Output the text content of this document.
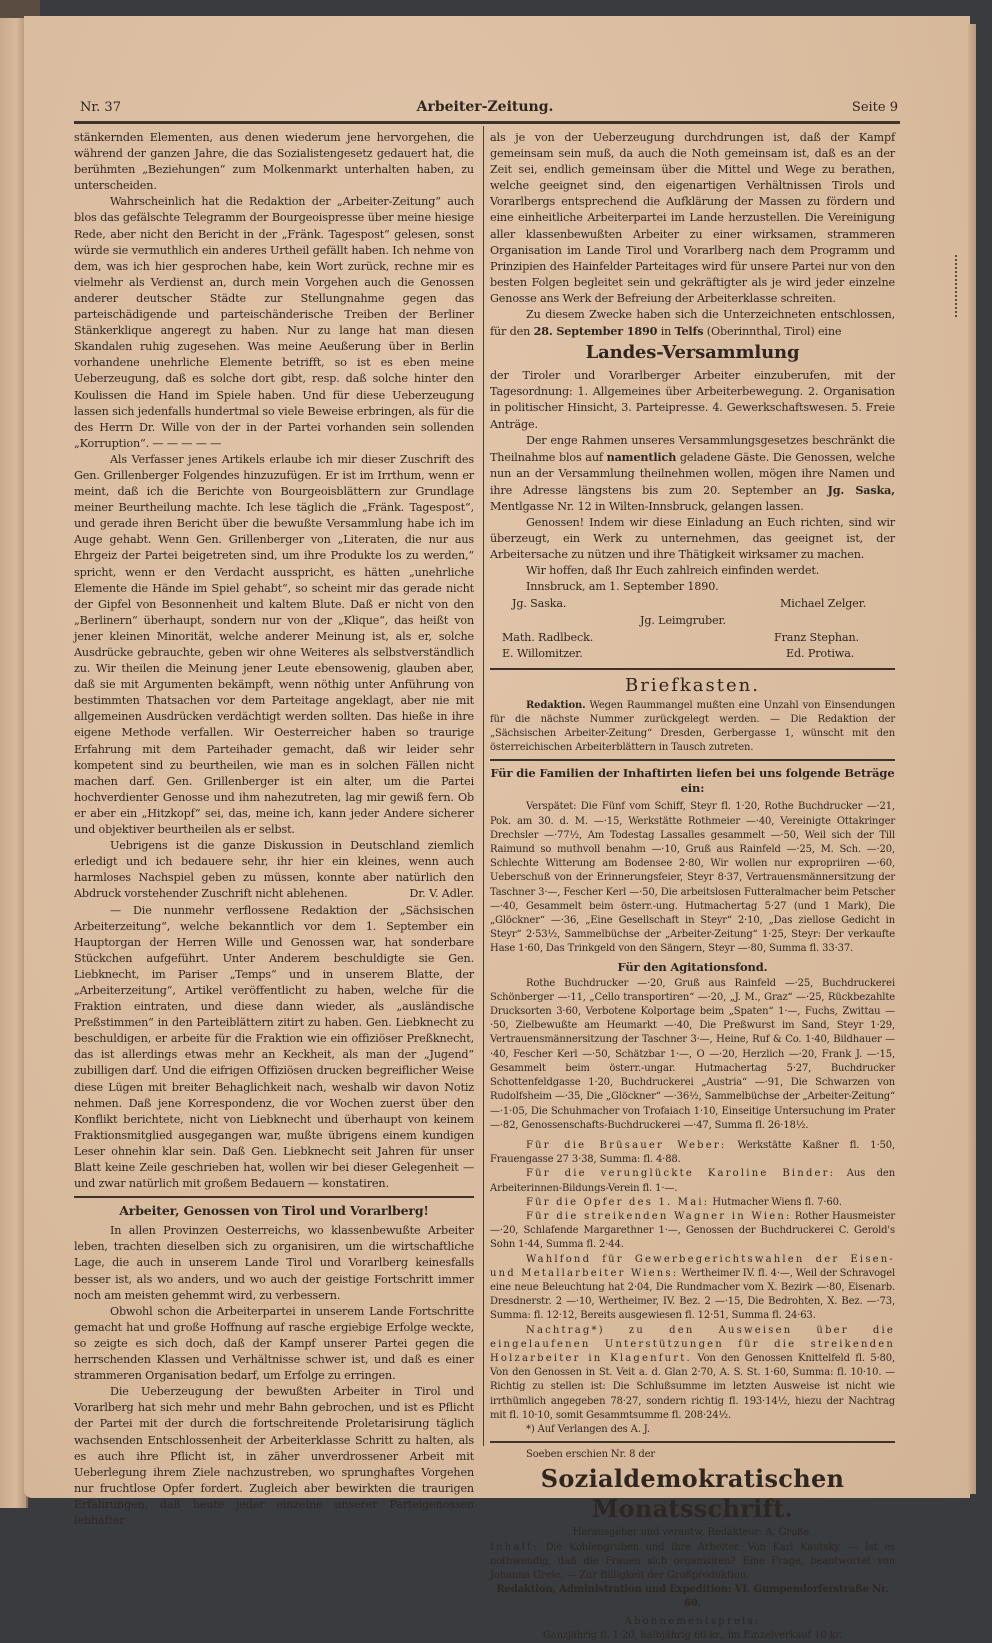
Nr. 37	Arbeiter-Zeitung.	Seite 9

stänkernden Elementen, aus denen wiederum jene hervorgehen, die während der ganzen Jahre, die das Sozialistengesetz gedauert hat, die berühmten „Beziehungen“ zum Molkenmarkt unterhalten haben, zu unterscheiden.

Wahrscheinlich hat die Redaktion der „Arbeiter-Zeitung“ auch blos das gefälschte Telegramm der Bourgeoispresse über meine hiesige Rede, aber nicht den Bericht in der „Fränk. Tagespost“ gelesen, sonst würde sie vermuthlich ein anderes Urtheil gefällt haben. Ich nehme von dem, was ich hier gesprochen habe, kein Wort zurück, rechne mir es vielmehr als Verdienst an, durch mein Vorgehen auch die Genossen anderer deutscher Städte zur Stellungnahme gegen das parteischädigende und parteischänderische Treiben der Berliner Stänkerklique angeregt zu haben. Nur zu lange hat man diesen Skandalen ruhig zugesehen. Was meine Aeußerung über in Berlin vorhandene unehrliche Elemente betrifft, so ist es eben meine Ueberzeugung, daß es solche dort gibt, resp. daß solche hinter den Koulissen die Hand im Spiele haben. Und für diese Ueberzeugung lassen sich jedenfalls hundertmal so viele Beweise erbringen, als für die des Herrn Dr. Wille von der in der Partei vorhanden sein sollenden „Korruption“. — — — — —

Als Verfasser jenes Artikels erlaube ich mir dieser Zuschrift des Gen. Grillenberger Folgendes hinzuzufügen. Er ist im Irrthum, wenn er meint, daß ich die Berichte von Bourgeoisblättern zur Grundlage meiner Beurtheilung machte. Ich lese täglich die „Fränk. Tagespost“, und gerade ihren Bericht über die bewußte Versammlung habe ich im Auge gehabt. Wenn Gen. Grillenberger von „Literaten, die nur aus Ehrgeiz der Partei beigetreten sind, um ihre Produkte los zu werden,“ spricht, wenn er den Verdacht ausspricht, es hätten „unehrliche Elemente die Hände im Spiel gehabt“, so scheint mir das gerade nicht der Gipfel von Besonnenheit und kaltem Blute. Daß er nicht von den „Berlinern“ überhaupt, sondern nur von der „Klique“, das heißt von jener kleinen Minorität, welche anderer Meinung ist, als er, solche Ausdrücke gebrauchte, geben wir ohne Weiteres als selbstverständlich zu. Wir theilen die Meinung jener Leute ebensowenig, glauben aber, daß sie mit Argumenten bekämpft, wenn nöthig unter Anführung von bestimmten Thatsachen vor dem Parteitage angeklagt, aber nie mit allgemeinen Ausdrücken verdächtigt werden sollten. Das hieße in ihre eigene Methode verfallen. Wir Oesterreicher haben so traurige Erfahrung mit dem Parteihader gemacht, daß wir leider sehr kompetent sind zu beurtheilen, wie man es in solchen Fällen nicht machen darf. Gen. Grillenberger ist ein alter, um die Partei hochverdienter Genosse und ihm nahezutreten, lag mir gewiß fern. Ob er aber ein „Hitzkopf“ sei, das, meine ich, kann jeder Andere sicherer und objektiver beurtheilen als er selbst.

Uebrigens ist die ganze Diskussion in Deutschland ziemlich erledigt und ich bedauere sehr, ihr hier ein kleines, wenn auch harmloses Nachspiel geben zu müssen, konnte aber natürlich den Abdruck vorstehender Zuschrift nicht ablehenen.	Dr. V. Adler.

— Die nunmehr verflossene Redaktion der „Sächsischen Arbeiterzeitung“, welche bekanntlich vor dem 1. September ein Hauptorgan der Herren Wille und Genossen war, hat sonderbare Stückchen aufgeführt. Unter Anderem beschuldigte sie Gen. Liebknecht, im Pariser „Temps“ und in unserem Blatte, der „Arbeiterzeitung“, Artikel veröffentlicht zu haben, welche für die Fraktion eintraten, und diese dann wieder, als „ausländische Preßstimmen“ in den Parteiblättern zitirt zu haben. Gen. Liebknecht zu beschuldigen, er arbeite für die Fraktion wie ein offiziöser Preßknecht, das ist allerdings etwas mehr an Keckheit, als man der „Jugend“ zubilligen darf. Und die eifrigen Offiziösen drucken begreiflicher Weise diese Lügen mit breiter Behaglichkeit nach, weshalb wir davon Notiz nehmen. Daß jene Korrespondenz, die vor Wochen zuerst über den Konflikt berichtete, nicht von Liebknecht und überhaupt von keinem Fraktionsmitglied ausgegangen war, mußte übrigens einem kundigen Leser ohnehin klar sein. Daß Gen. Liebknecht seit Jahren für unser Blatt keine Zeile geschrieben hat, wollen wir bei dieser Gelegenheit — und zwar natürlich mit großem Bedauern — konstatiren.

Arbeiter, Genossen von Tirol und Vorarlberg!

In allen Provinzen Oesterreichs, wo klassenbewußte Arbeiter leben, trachten dieselben sich zu organisiren, um die wirtschaftliche Lage, die auch in unserem Lande Tirol und Vorarlberg keinesfalls besser ist, als wo anders, und wo auch der geistige Fortschritt immer noch am meisten gehemmt wird, zu verbessern.

Obwohl schon die Arbeiterpartei in unserem Lande Fortschritte gemacht hat und große Hoffnung auf rasche ergiebige Erfolge weckte, so zeigte es sich doch, daß der Kampf unserer Partei gegen die herrschenden Klassen und Verhältnisse schwer ist, und daß es einer strammeren Organisation bedarf, um Erfolge zu erringen.

Die Ueberzeugung der bewußten Arbeiter in Tirol und Vorarlberg hat sich mehr und mehr Bahn gebrochen, und ist es Pflicht der Partei mit der durch die fortschreitende Proletarisirung täglich wachsenden Entschlossenheit der Arbeiterklasse Schritt zu halten, als es auch ihre Pflicht ist, in zäher unverdrossener Arbeit mit Ueberlegung ihrem Ziele nachzustreben, wo sprunghaftes Vorgehen nur fruchtlose Opfer fordert. Zugleich aber bewirkten die traurigen Erfahrungen, daß heute jeder einzelne unserer Parteigenossen lebhafter

als je von der Ueberzeugung durchdrungen ist, daß der Kampf gemeinsam sein muß, da auch die Noth gemeinsam ist, daß es an der Zeit sei, endlich gemeinsam über die Mittel und Wege zu berathen, welche geeignet sind, den eigenartigen Verhältnissen Tirols und Vorarlbergs entsprechend die Aufklärung der Massen zu fördern und eine einheitliche Arbeiterpartei im Lande herzustellen. Die Vereinigung aller klassenbewußten Arbeiter zu einer wirksamen, strammeren Organisation im Lande Tirol und Vorarlberg nach dem Programm und Prinzipien des Hainfelder Parteitages wird für unsere Partei nur von den besten Folgen begleitet sein und gekräftigter als je wird jeder einzelne Genosse ans Werk der Befreiung der Arbeiterklasse schreiten.

Zu diesem Zwecke haben sich die Unterzeichneten entschlossen, für den 28. September 1890 in Telfs (Oberinnthal, Tirol) eine

Landes-Versammlung

der Tiroler und Vorarlberger Arbeiter einzuberufen, mit der Tagesordnung: 1. Allgemeines über Arbeiterbewegung. 2. Organisation in politischer Hinsicht, 3. Parteipresse. 4. Gewerkschaftswesen. 5. Freie Anträge.

Der enge Rahmen unseres Versammlungsgesetzes beschränkt die Theilnahme blos auf namentlich geladene Gäste. Die Genossen, welche nun an der Versammlung theilnehmen wollen, mögen ihre Namen und ihre Adresse längstens bis zum 20. September an Jg. Saska, Mentlgasse Nr. 12 in Wilten-Innsbruck, gelangen lassen.

Genossen! Indem wir diese Einladung an Euch richten, sind wir überzeugt, ein Werk zu unternehmen, das geeignet ist, der Arbeitersache zu nützen und ihre Thätigkeit wirksamer zu machen.

Wir hoffen, daß Ihr Euch zahlreich einfinden werdet.

Innsbruck, am 1. September 1890.

Jg. Saska.	Michael Zelger.
Jg. Leimgruber.
Math. Radlbeck.	Franz Stephan.
E. Willomitzer.	Ed. Protiwa.
Briefkasten.

Redaktion. Wegen Raummangel mußten eine Unzahl von Einsendungen für die nächste Nummer zurückgelegt werden. — Die Redaktion der „Sächsischen Arbeiter-Zeitung“ Dresden, Gerbergasse 1, wünscht mit den österreichischen Arbeiterblättern in Tausch zutreten.

Für die Familien der Inhaftirten liefen bei uns folgende Beträge ein:

Verspätet: Die Fünf vom Schiff, Steyr fl. 1·20, Rothe Buchdrucker —·21, Pok. am 30. d. M. —·15, Werkstätte Rothmeier —·40, Vereinigte Ottakringer Drechsler —·77½, Am Todestag Lassalles gesammelt —·50, Weil sich der Till Raimund so muthvoll benahm —·10, Gruß aus Rainfeld —·25, M. Sch. —·20, Schlechte Witterung am Bodensee 2·80, Wir wollen nur expropriiren —·60, Ueberschuß von der Erinnerungsfeier, Steyr 8·37, Vertrauensmännersitzung der Taschner 3·—, Fescher Kerl —·50, Die arbeitslosen Futteralmacher beim Petscher —·40, Gesammelt beim österr.-ung. Hutmachertag 5·27 (und 1 Mark), Die „Glöckner“ —·36, „Eine Gesellschaft in Steyr“ 2·10, „Das ziellose Gedicht in Steyr“ 2·53½, Sammelbüchse der „Arbeiter-Zeitung“ 1·25, Steyr: Der verkaufte Hase 1·60, Das Trinkgeld von den Sängern, Steyr —·80, Summa fl. 33·37.

Für den Agitationsfond.

Rothe Buchdrucker —·20, Gruß aus Rainfeld —·25, Buchdruckerei Schönberger —·11, „Cello transportiren“ —·20, „J. M., Graz“ —·25, Rückbezahlte Drucksorten 3·60, Verbotene Kolportage beim „Spaten“ 1·—, Fuchs, Zwittau —·50, Zielbewußte am Heumarkt —·40, Die Preßwurst im Sand, Steyr 1·29, Vertrauensmännersitzung der Taschner 3·—, Heine, Ruf & Co. 1·40, Bildhauer —·40, Fescher Kerl —·50, Schätzbar 1·—, O —·20, Herzlich —·20, Frank J. —·15, Gesammelt beim österr.-ungar. Hutmachertag 5·27, Buchdrucker Schottenfeldgasse 1·20, Buchdruckerei „Austria“ —·91, Die Schwarzen von Rudolfsheim —·35, Die „Glöckner“ —·36½, Sammelbüchse der „Arbeiter-Zeitung“ —·1·05, Die Schuhmacher von Trofaiach 1·10, Einseitige Untersuchung im Prater —·82, Genossenschafts-Buchdruckerei —·47, Summa fl. 26·18½.

Für die Brüsauer Weber: Werkstätte Kaßner fl. 1·50, Frauengasse 27 3·38, Summa: fl. 4·88.

Für die verunglückte Karoline Binder: Aus den Arbeiterinnen-Bildungs-Verein fl. 1·—.

Für die Opfer des 1. Mai: Hutmacher Wiens fl. 7·60.

Für die streikenden Wagner in Wien: Rother Hausmeister —·20, Schlafende Margarethner 1·—, Genossen der Buchdruckerei C. Gerold's Sohn 1·44, Summa fl. 2·44.

Wahlfond für Gewerbegerichtswahlen der Eisen- und Metallarbeiter Wiens: Wertheimer IV. fl. 4·—, Weil der Schravogel eine neue Beleuchtung hat 2·04, Die Rundmacher vom X. Bezirk —·80, Eisenarb. Dresdnerstr. 2 —·10, Wertheimer, IV. Bez. 2 —·15, Die Bedrohten, X. Bez. —·73, Summa: fl. 12·12, Bereits ausgewiesen fl. 12·51, Summa fl. 24·63.

Nachtrag*) zu den Ausweisen über die eingelaufenen Unterstützungen für die streikenden Holzarbeiter in Klagenfurt. Von den Genossen Knittelfeld fl. 5·80, Von den Genossen in St. Veit a. d. Glan 2·70, A. S. St. 1·60, Summa: fl. 10·10. — Richtig zu stellen ist: Die Schlußsumme im letzten Ausweise ist nicht wie irrthümlich angegeben 78·27, sondern richtig fl. 193·14½, hiezu der Nachtrag mit fl. 10·10, somit Gesammtsumme fl. 208·24½.

*) Auf Verlangen des A. J.

Soeben erschien Nr. 8 der

Sozialdemokratischen Monatsschrift.

Herausgeber und verantw. Redakteur: A. Große.

Inhalt: Die Kohlengruben und ihre Arbeiter. Von Karl Kautsky. — Ist es nothwendig, daß die Frauen sich organisiren? Eine Frage, beantwortet von Johanna Greie. — Zur Billigkeit der Großproduktion.

Redaktion, Administration und Expedition: VI. Gumpendorferstraße Nr. 60.

Abonnementspreis:

Ganzjährig fl. 1·20, halbjährig 60 kr., im Einzelverkauf 10 kr.
